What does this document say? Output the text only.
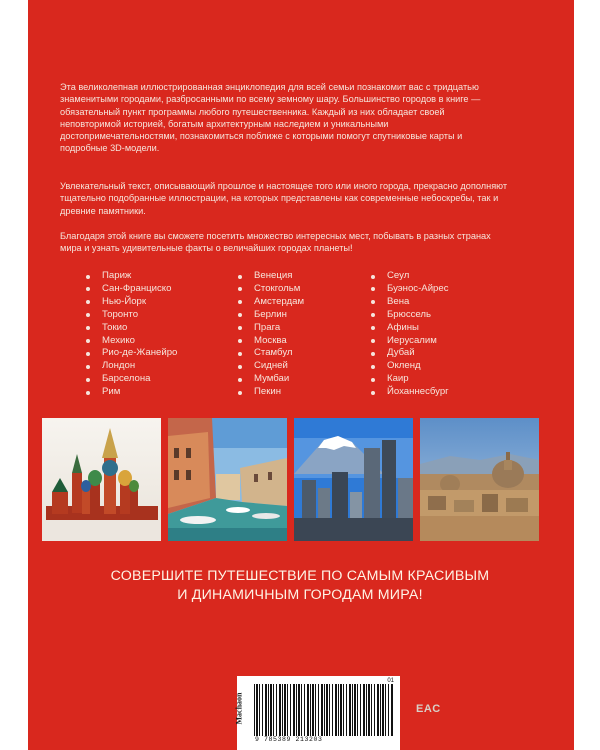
Эта великолепная иллюстрированная энциклопедия для всей семьи познакомит вас с тридцатью знаменитыми городами, разбросанными по всему земному шару. Большинство городов в книге — обязательный пункт программы любого путешественника. Каждый из них обладает своей неповторимой историей, богатым архитектурным наследием и уникальными достопримечательностями, познакомиться поближе с которыми помогут спутниковые карты и подробные 3D-модели.

Увлекательный текст, описывающий прошлое и настоящее того или иного города, прекрасно дополняют тщательно подобранные иллюстрации, на которых представлены как современные небоскребы, так и древние памятники.

Благодаря этой книге вы сможете посетить множество интересных мест, побывать в разных странах мира и узнать удивительные факты о величайших городах планеты!

Париж
Сан-Франциско
Нью-Йорк
Торонто
Токио
Мехико
Рио-де-Жанейро
Лондон
Барселона
Рим
Венеция
Стокгольм
Амстердам
Берлин
Прага
Москва
Стамбул
Сидней
Мумбаи
Пекин
Сеул
Буэнос-Айрес
Вена
Брюссель
Афины
Иерусалим
Дубай
Окленд
Каир
Йоханнесбург
СОВЕРШИТЕ ПУТЕШЕСТВИЕ ПО САМЫМ КРАСИВЫМ
И ДИНАМИЧНЫМ ГОРОДАМ МИРА!
Machaon
01
9 785389 213203
EAC
